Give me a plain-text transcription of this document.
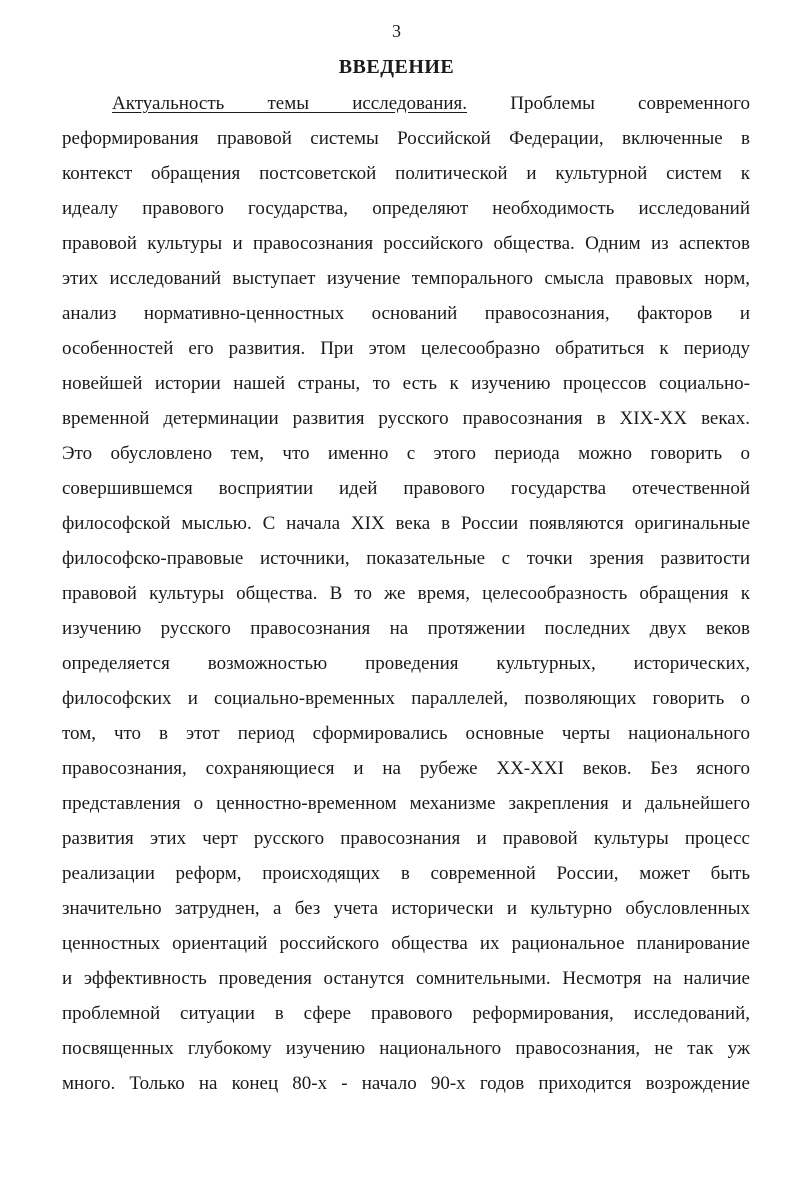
3
ВВЕДЕНИЕ
Актуальность темы исследования. Проблемы современного
реформирования правовой системы Российской Федерации, включенные в
контекст обращения постсоветской политической и культурной систем к
идеалу правового государства, определяют необходимость исследований
правовой культуры и правосознания российского общества. Одним из аспектов
этих исследований выступает изучение темпорального смысла правовых норм,
анализ нормативно-ценностных оснований правосознания, факторов и
особенностей его развития. При этом целесообразно обратиться к периоду
новейшей истории нашей страны, то есть к изучению процессов социально-
временной детерминации развития русского правосознания в XIX-XX веках.
Это обусловлено тем, что именно с этого периода можно говорить о
совершившемся восприятии идей правового государства отечественной
философской мыслью. С начала XIX века в России появляются оригинальные
философско-правовые источники, показательные с точки зрения развитости
правовой культуры общества. В то же время, целесообразность обращения к
изучению русского правосознания на протяжении последних двух веков
определяется возможностью проведения культурных, исторических,
философских и социально-временных параллелей, позволяющих говорить о
том, что в этот период сформировались основные черты национального
правосознания, сохраняющиеся и на рубеже XX-XXI веков. Без ясного
представления о ценностно-временном механизме закрепления и дальнейшего
развития этих черт русского правосознания и правовой культуры процесс
реализации реформ, происходящих в современной России, может быть
значительно затруднен, а без учета исторически и культурно обусловленных
ценностных ориентаций российского общества их рациональное планирование
и эффективность проведения останутся сомнительными. Несмотря на наличие
проблемной ситуации в сфере правового реформирования, исследований,
посвященных глубокому изучению национального правосознания, не так уж
много. Только на конец 80-х - начало 90-х годов приходится возрождение
